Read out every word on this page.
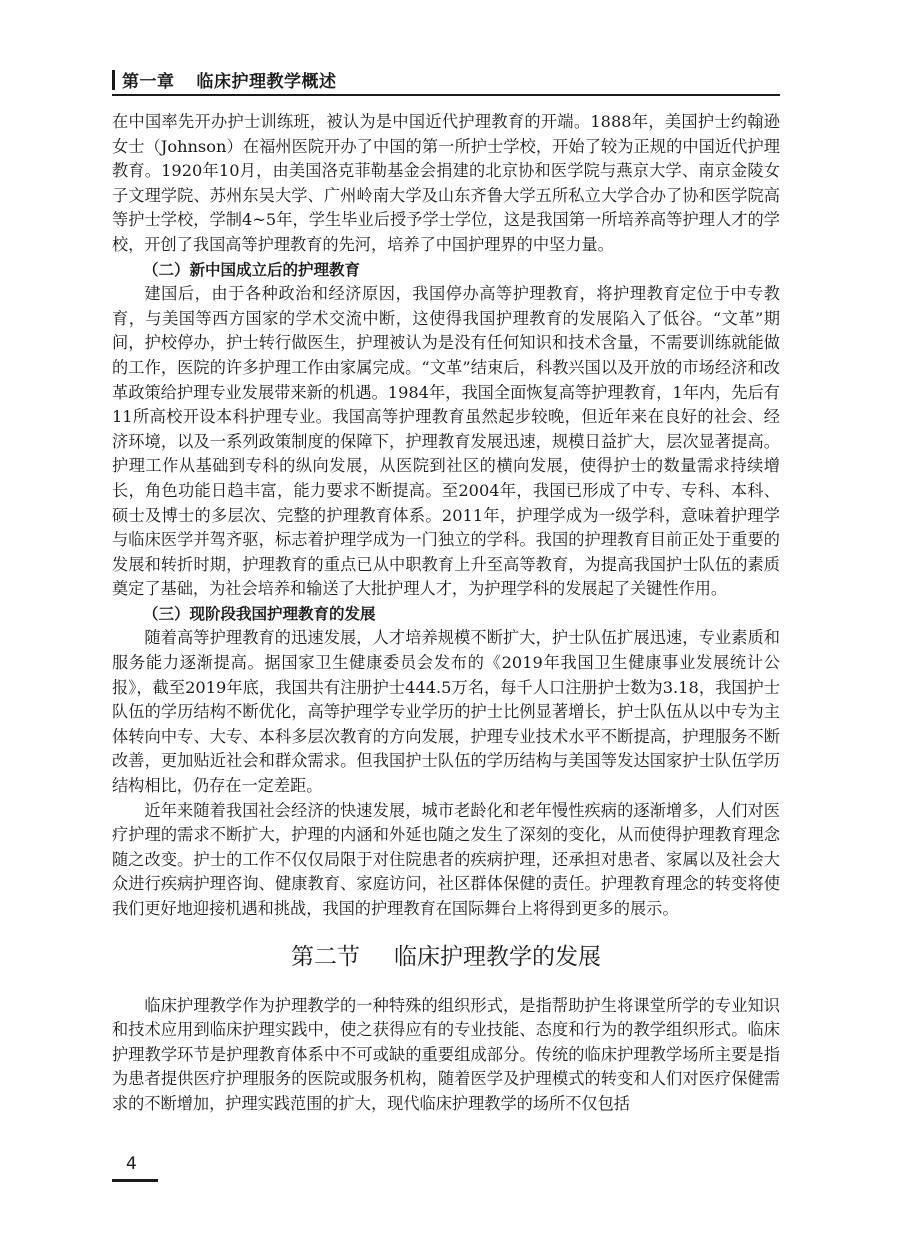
第一章 临床护理教学概述

在中国率先开办护士训练班，被认为是中国近代护理教育的开端。1888年，美国护士约翰逊女士（Johnson）在福州医院开办了中国的第一所护士学校，开始了较为正规的中国近代护理教育。1920年10月，由美国洛克菲勒基金会捐建的北京协和医学院与燕京大学、南京金陵女子文理学院、苏州东吴大学、广州岭南大学及山东齐鲁大学五所私立大学合办了协和医学院高等护士学校，学制4~5年，学生毕业后授予学士学位，这是我国第一所培养高等护理人才的学校，开创了我国高等护理教育的先河，培养了中国护理界的中坚力量。

（二）新中国成立后的护理教育

建国后，由于各种政治和经济原因，我国停办高等护理教育，将护理教育定位于中专教育，与美国等西方国家的学术交流中断，这使得我国护理教育的发展陷入了低谷。“文革”期间，护校停办，护士转行做医生，护理被认为是没有任何知识和技术含量，不需要训练就能做的工作，医院的许多护理工作由家属完成。“文革”结束后，科教兴国以及开放的市场经济和改革政策给护理专业发展带来新的机遇。1984年，我国全面恢复高等护理教育，1年内，先后有11所高校开设本科护理专业。我国高等护理教育虽然起步较晚，但近年来在良好的社会、经济环境，以及一系列政策制度的保障下，护理教育发展迅速，规模日益扩大，层次显著提高。护理工作从基础到专科的纵向发展，从医院到社区的横向发展，使得护士的数量需求持续增长，角色功能日趋丰富，能力要求不断提高。至2004年，我国已形成了中专、专科、本科、硕士及博士的多层次、完整的护理教育体系。2011年，护理学成为一级学科，意味着护理学与临床医学并驾齐驱，标志着护理学成为一门独立的学科。我国的护理教育目前正处于重要的发展和转折时期，护理教育的重点已从中职教育上升至高等教育，为提高我国护士队伍的素质奠定了基础，为社会培养和输送了大批护理人才，为护理学科的发展起了关键性作用。

（三）现阶段我国护理教育的发展

随着高等护理教育的迅速发展，人才培养规模不断扩大，护士队伍扩展迅速，专业素质和服务能力逐渐提高。据国家卫生健康委员会发布的《2019年我国卫生健康事业发展统计公报》，截至2019年底，我国共有注册护士444.5万名，每千人口注册护士数为3.18，我国护士队伍的学历结构不断优化，高等护理学专业学历的护士比例显著增长，护士队伍从以中专为主体转向中专、大专、本科多层次教育的方向发展，护理专业技术水平不断提高，护理服务不断改善，更加贴近社会和群众需求。但我国护士队伍的学历结构与美国等发达国家护士队伍学历结构相比，仍存在一定差距。

近年来随着我国社会经济的快速发展，城市老龄化和老年慢性疾病的逐渐增多，人们对医疗护理的需求不断扩大，护理的内涵和外延也随之发生了深刻的变化，从而使得护理教育理念随之改变。护士的工作不仅仅局限于对住院患者的疾病护理，还承担对患者、家属以及社会大众进行疾病护理咨询、健康教育、家庭访问，社区群体保健的责任。护理教育理念的转变将使我们更好地迎接机遇和挑战，我国的护理教育在国际舞台上将得到更多的展示。

第二节 临床护理教学的发展

临床护理教学作为护理教学的一种特殊的组织形式，是指帮助护生将课堂所学的专业知识和技术应用到临床护理实践中，使之获得应有的专业技能、态度和行为的教学组织形式。临床护理教学环节是护理教育体系中不可或缺的重要组成部分。传统的临床护理教学场所主要是指为患者提供医疗护理服务的医院或服务机构，随着医学及护理模式的转变和人们对医疗保健需求的不断增加，护理实践范围的扩大，现代临床护理教学的场所不仅包括

4
